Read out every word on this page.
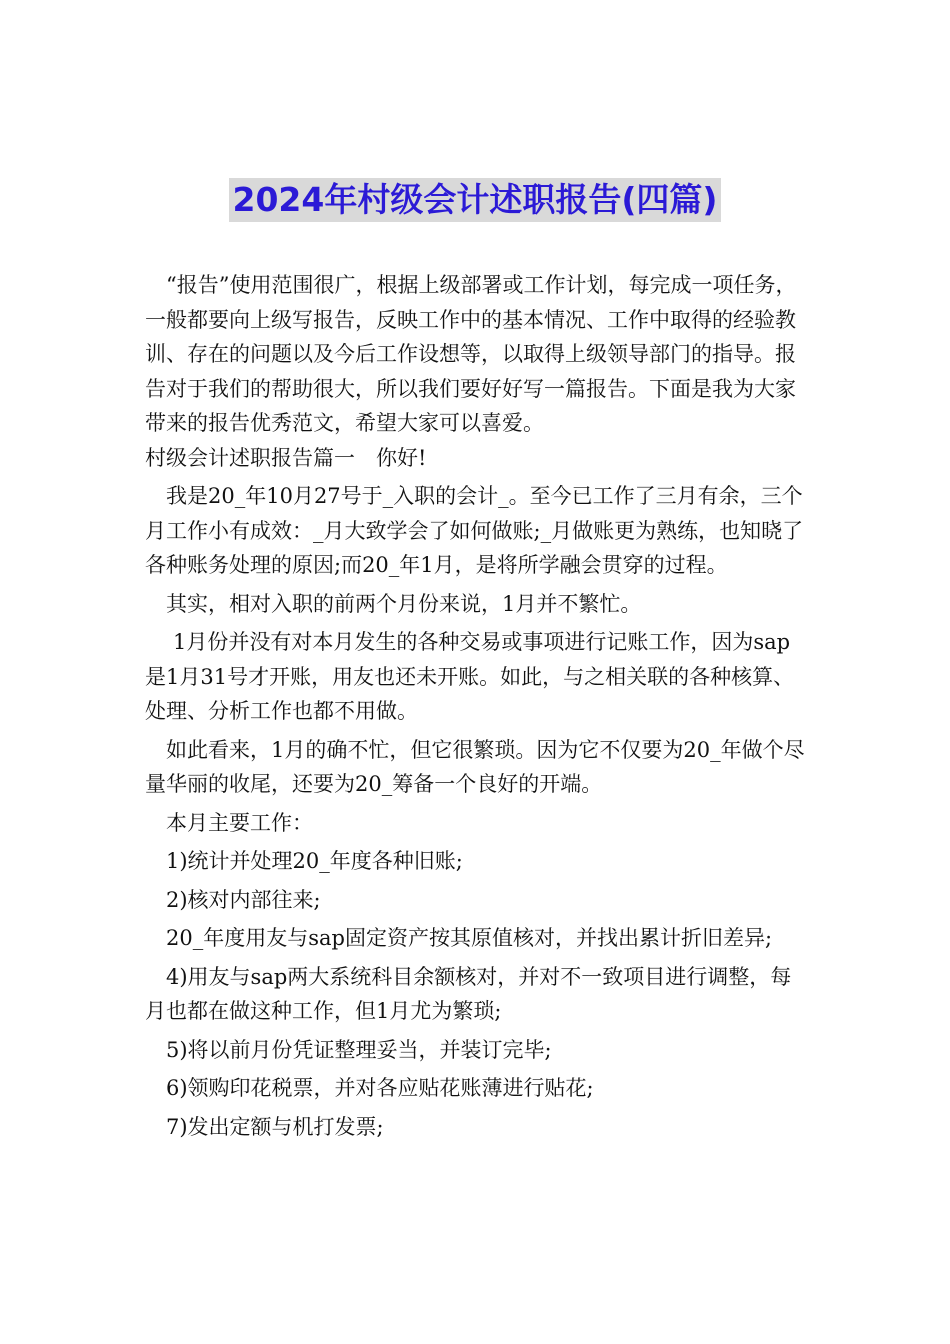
2024年村级会计述职报告(四篇)

“报告”使用范围很广，根据上级部署或工作计划，每完成一项任务，一般都要向上级写报告，反映工作中的基本情况、工作中取得的经验教训、存在的问题以及今后工作设想等，以取得上级领导部门的指导。报告对于我们的帮助很大，所以我们要好好写一篇报告。下面是我为大家带来的报告优秀范文，希望大家可以喜爱。

村级会计述职报告篇一　你好!

我是20_年10月27号于_入职的会计_。至今已工作了三月有余，三个月工作小有成效：_月大致学会了如何做账;_月做账更为熟练，也知晓了各种账务处理的原因;而20_年1月，是将所学融会贯穿的过程。

其实，相对入职的前两个月份来说，1月并不繁忙。

1月份并没有对本月发生的各种交易或事项进行记账工作，因为sap是1月31号才开账，用友也还未开账。如此，与之相关联的各种核算、处理、分析工作也都不用做。

如此看来，1月的确不忙，但它很繁琐。因为它不仅要为20_年做个尽量华丽的收尾，还要为20_筹备一个良好的开端。

本月主要工作：

1)统计并处理20_年度各种旧账;

2)核对内部往来;

20_年度用友与sap固定资产按其原值核对，并找出累计折旧差异;

4)用友与sap两大系统科目余额核对，并对不一致项目进行调整，每月也都在做这种工作，但1月尤为繁琐;

5)将以前月份凭证整理妥当，并装订完毕;

6)领购印花税票，并对各应贴花账薄进行贴花;

7)发出定额与机打发票;
